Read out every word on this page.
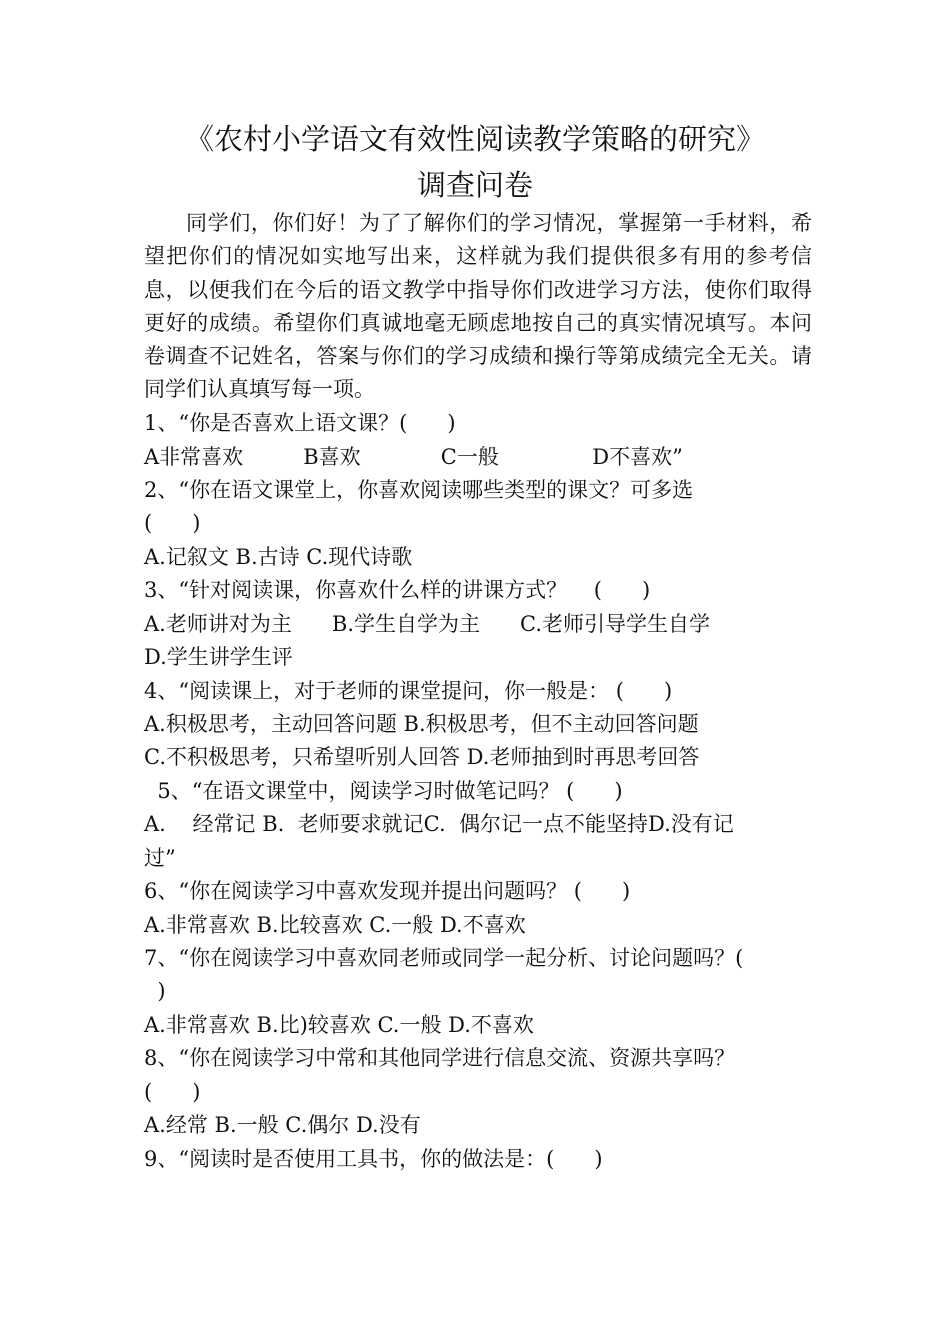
《农村小学语文有效性阅读教学策略的研究》
调查问卷
同学们，你们好！为了了解你们的学习情况，掌握第一手材料，希望把你们的情况如实地写出来，这样就为我们提供很多有用的参考信息，以便我们在今后的语文教学中指导你们改进学习方法，使你们取得更好的成绩。希望你们真诚地毫无顾虑地按自己的真实情况填写。本问卷调查不记姓名，答案与你们的学习成绩和操行等第成绩完全无关。请同学们认真填写每一项。
1、“你是否喜欢上语文课？(      )
A非常喜欢         B喜欢            C一般              D不喜欢”
2、“你在语文课堂上，你喜欢阅读哪些类型的课文？可多选
(      )
A.记叙文 B.古诗 C.现代诗歌
3、“针对阅读课，你喜欢什么样的讲课方式？    (      )
A.老师讲对为主      B.学生自学为主      C.老师引导学生自学
D.学生讲学生评
4、“阅读课上，对于老师的课堂提问，你一般是： (      )
A.积极思考，主动回答问题 B.积极思考，但不主动回答问题
C.不积极思考，只希望听别人回答 D.老师抽到时再思考回答
5、“在语文课堂中，阅读学习时做笔记吗？ (      )
A.    经常记 B.  老师要求就记C.  偶尔记一点不能坚持D.没有记
过”
6、“你在阅读学习中喜欢发现并提出问题吗？ (      )
A.非常喜欢 B.比较喜欢 C.一般 D.不喜欢
7、“你在阅读学习中喜欢同老师或同学一起分析、讨论问题吗？(
)
A.非常喜欢 B.比)较喜欢 C.一般 D.不喜欢
8、“你在阅读学习中常和其他同学进行信息交流、资源共享吗？
(      )
A.经常 B.一般 C.偶尔 D.没有
9、“阅读时是否使用工具书，你的做法是：(      )
